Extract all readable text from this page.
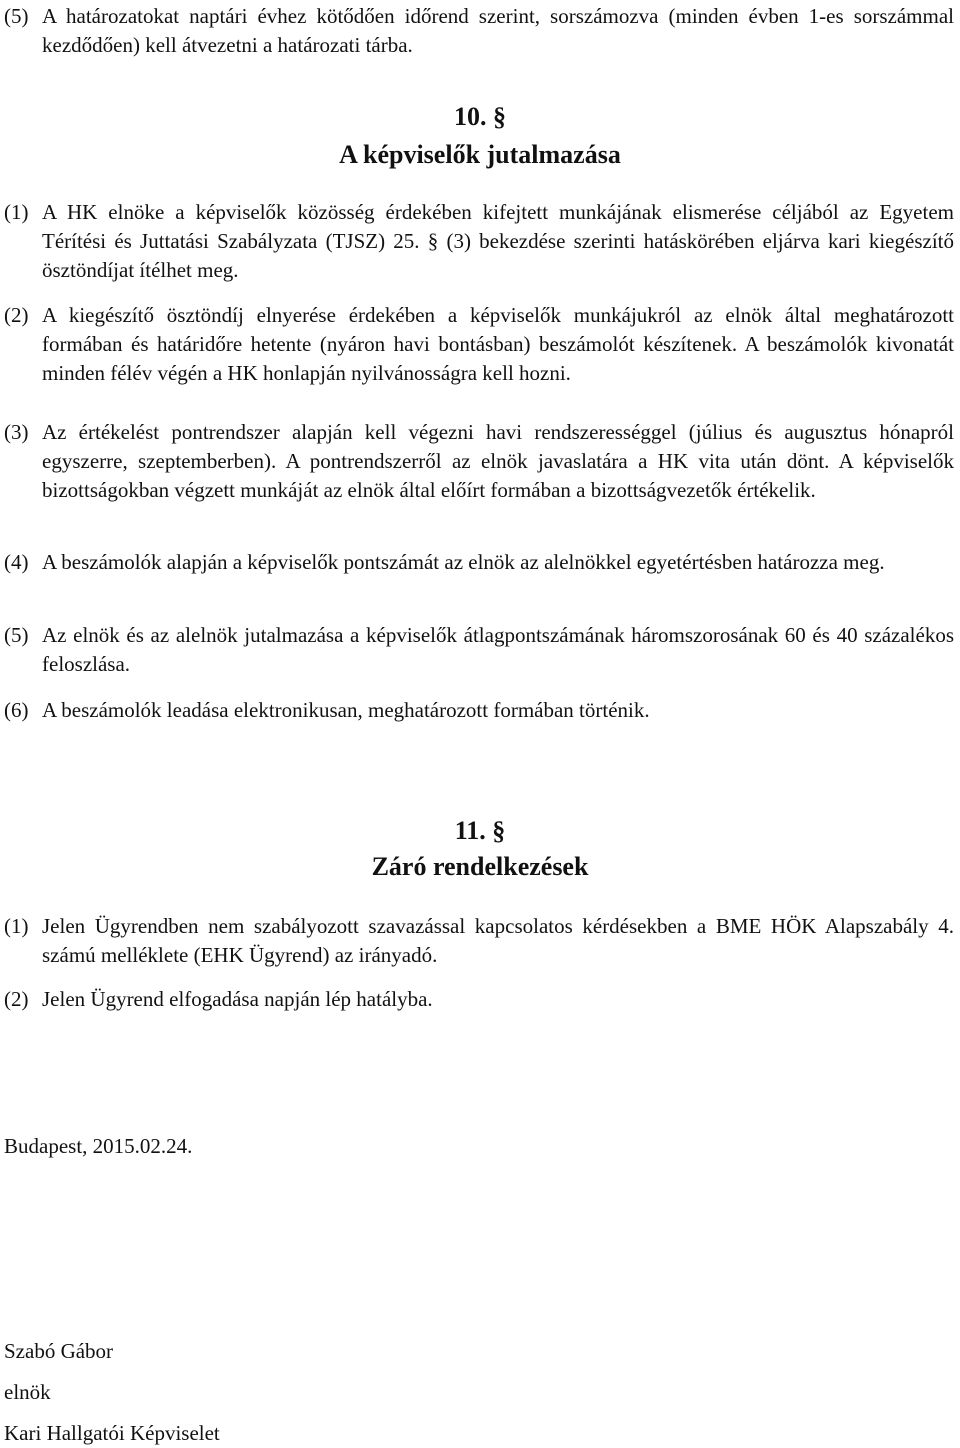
(5) A határozatokat naptári évhez kötődően időrend szerint, sorszámozva (minden évben 1-es sorszámmal kezdődően) kell átvezetni a határozati tárba.
10. §
A képviselők jutalmazása
(1) A HK elnöke a képviselők közösség érdekében kifejtett munkájának elismerése céljából az Egyetem Térítési és Juttatási Szabályzata (TJSZ) 25. § (3) bekezdése szerinti hatáskörében eljárva kari kiegészítő ösztöndíjat ítélhet meg.
(2) A kiegészítő ösztöndíj elnyerése érdekében a képviselők munkájukról az elnök által meghatározott formában és határidőre hetente (nyáron havi bontásban) beszámolót készítenek. A beszámolók kivonatát minden félév végén a HK honlapján nyilvánosságra kell hozni.
(3) Az értékelést pontrendszer alapján kell végezni havi rendszerességgel (július és augusztus hónapról egyszerre, szeptemberben). A pontrendszerről az elnök javaslatára a HK vita után dönt. A képviselők bizottságokban végzett munkáját az elnök által előírt formában a bizottságvezetők értékelik.
(4) A beszámolók alapján a képviselők pontszámát az elnök az alelnökkel egyetértésben határozza meg.
(5) Az elnök és az alelnök jutalmazása a képviselők átlagpontszámának háromszorosának 60 és 40 százalékos feloszlása.
(6) A beszámolók leadása elektronikusan, meghatározott formában történik.
11. §
Záró rendelkezések
(1) Jelen Ügyrendben nem szabályozott szavazással kapcsolatos kérdésekben a BME HÖK Alapszabály 4. számú melléklete (EHK Ügyrend) az irányadó.
(2) Jelen Ügyrend elfogadása napján lép hatályba.
Budapest, 2015.02.24.
Szabó Gábor
elnök
Kari Hallgatói Képviselet
